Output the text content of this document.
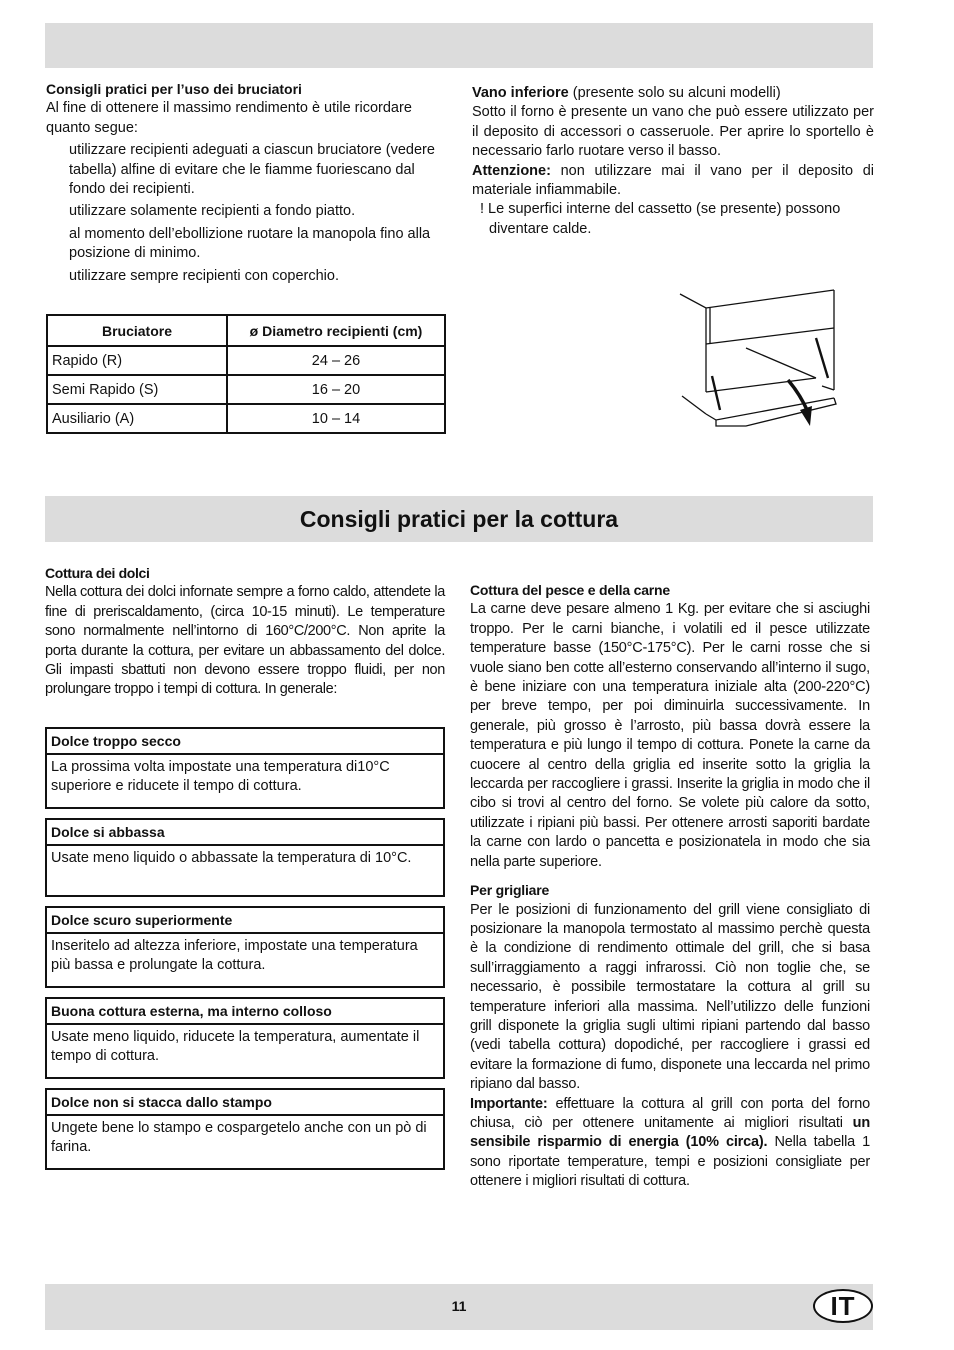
Consigli pratici per l’uso dei bruciatori

Al fine di ottenere il massimo rendimento è utile ricordare quanto segue:

utilizzare recipienti adeguati a ciascun bruciatore (vedere tabella) alfine di evitare che le fiamme fuoriescano dal fondo dei recipienti.

utilizzare solamente recipienti a fondo piatto.

al momento dell’ebollizione ruotare la manopola fino alla posizione di minimo.

utilizzare sempre recipienti con coperchio.

Bruciatore	ø Diametro recipienti (cm)
Rapido (R)	24 – 26
Semi Rapido (S)	16 – 20
Ausiliario (A)	10 – 14

Vano inferiore (presente solo su alcuni modelli)

Sotto il forno è presente un vano che può essere utilizzato per il deposito di accessori o casseruole. Per aprire lo sportello è necessario farlo ruotare verso il basso.

Attenzione: non utilizzare mai il vano per il deposito di materiale infiammabile.

! Le superfici interne del cassetto (se presente) possono diventare calde.

Consigli pratici per la cottura

Cottura dei dolci

Nella cottura dei dolci infornate sempre a forno caldo, attendete la fine di preriscaldamento, (circa 10-15 minuti). Le temperature sono normalmente nell’intorno di 160°C/200°C. Non aprite la porta durante la cottura, per evitare un abbassamento del dolce. Gli impasti sbattuti non devono essere troppo fluidi, per non prolungare troppo i tempi di cottura. In generale:

Dolce troppo secco
La prossima volta impostate una temperatura di10°C superiore e riducete il tempo di cottura.
Dolce si abbassa
Usate meno liquido o abbassate la temperatura di 10°C.
Dolce scuro superiormente
Inseritelo ad altezza inferiore, impostate una temperatura più bassa e prolungate la cottura.
Buona cottura esterna, ma interno colloso
Usate meno liquido, riducete la temperatura, aumentate il tempo di cottura.
Dolce non si stacca dallo stampo
Ungete bene lo stampo e cospargetelo anche con un pò di farina.

Cottura del pesce e della carne

La carne deve pesare almeno 1 Kg. per evitare che si asciughi troppo. Per le carni bianche, i volatili ed il pesce utilizzate temperature basse (150°C-175°C). Per le carni rosse che si vuole siano ben cotte all’esterno conservando all’interno il sugo, è bene iniziare con una temperatura iniziale alta (200-220°C) per breve tempo, per poi diminuirla successivamente. In generale, più grosso è l’arrosto, più bassa dovrà essere la temperatura e più lungo il tempo di cottura. Ponete la carne da cuocere al centro della griglia ed inserite sotto la griglia la leccarda per raccogliere i grassi. Inserite la griglia in modo che il cibo si trovi al centro del forno. Se volete più calore da sotto, utilizzate i ripiani più bassi. Per ottenere arrosti saporiti bardate la carne con lardo o pancetta e posizionatela in modo che sia nella parte superiore.

Per grigliare

Per le posizioni di funzionamento del grill viene consigliato di posizionare la manopola termostato al massimo perchè questa è la condizione di rendimento ottimale del grill, che si basa sull’irraggiamento a raggi infrarossi. Ciò non toglie che, se necessario, è possibile termostatare la cottura al grill su temperature inferiori alla massima. Nell’utilizzo delle funzioni grill disponete la griglia sugli ultimi ripiani partendo dal basso (vedi tabella cottura) dopodiché, per raccogliere i grassi ed evitare la formazione di fumo, disponete una leccarda nel primo ripiano dal basso.

Importante: effettuare la cottura al grill con porta del forno chiusa, ciò per ottenere unitamente ai migliori risultati un sensibile risparmio di energia (10% circa). Nella tabella 1 sono riportate temperature, tempi e posizioni consigliate per ottenere i migliori risultati di cottura.

11	IT
